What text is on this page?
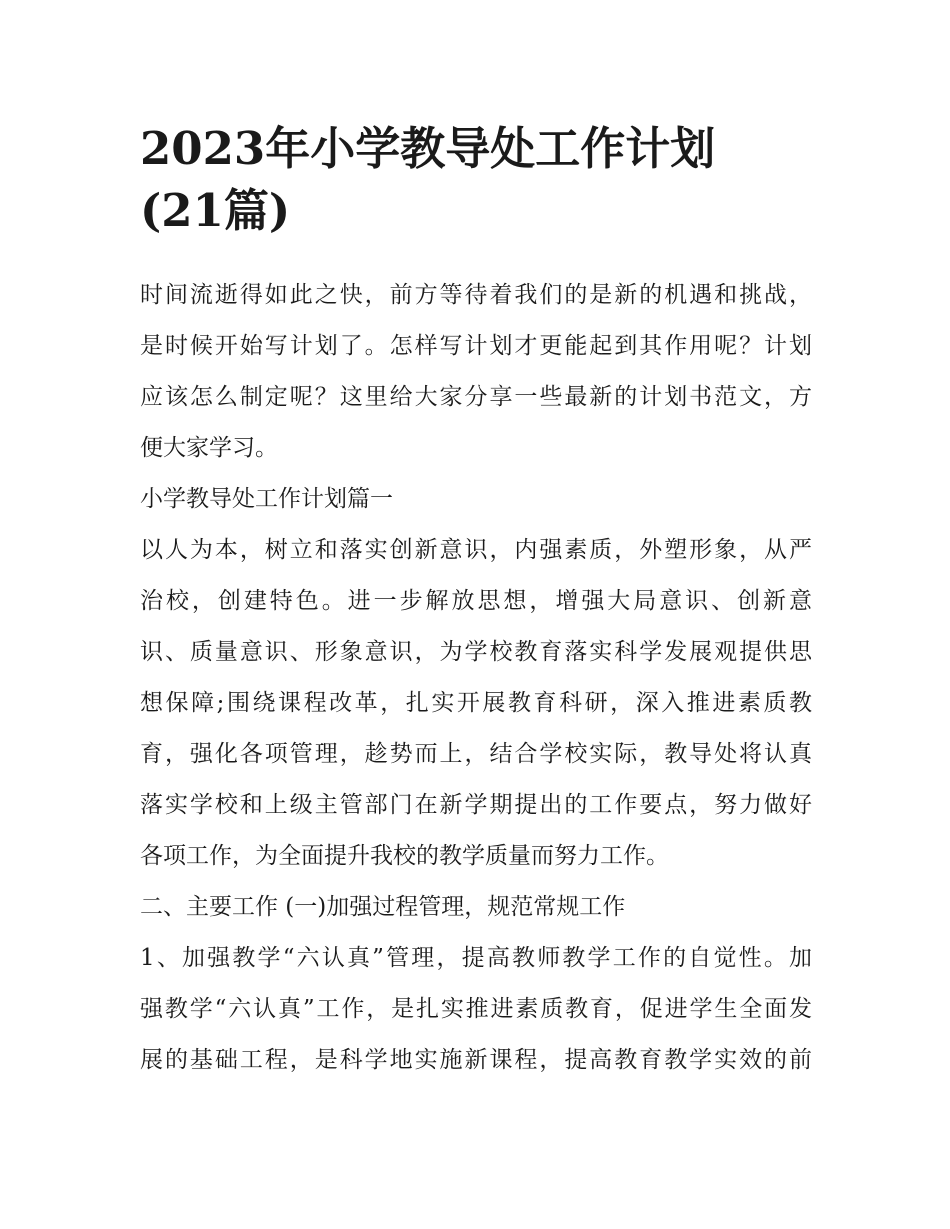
2023年小学教导处工作计划
(21篇)
时间流逝得如此之快，前方等待着我们的是新的机遇和挑战，
是时候开始写计划了。怎样写计划才更能起到其作用呢？计划
应该怎么制定呢？这里给大家分享一些最新的计划书范文，方
便大家学习。
小学教导处工作计划篇一
以人为本，树立和落实创新意识，内强素质，外塑形象，从严
治校，创建特色。进一步解放思想，增强大局意识、创新意
识、质量意识、形象意识，为学校教育落实科学发展观提供思
想保障;围绕课程改革，扎实开展教育科研，深入推进素质教
育，强化各项管理，趁势而上，结合学校实际，教导处将认真
落实学校和上级主管部门在新学期提出的工作要点，努力做好
各项工作，为全面提升我校的教学质量而努力工作。
二、主要工作 (一)加强过程管理，规范常规工作
1、加强教学“六认真”管理，提高教师教学工作的自觉性。加
强教学“六认真”工作，是扎实推进素质教育，促进学生全面发
展的基础工程，是科学地实施新课程，提高教育教学实效的前
